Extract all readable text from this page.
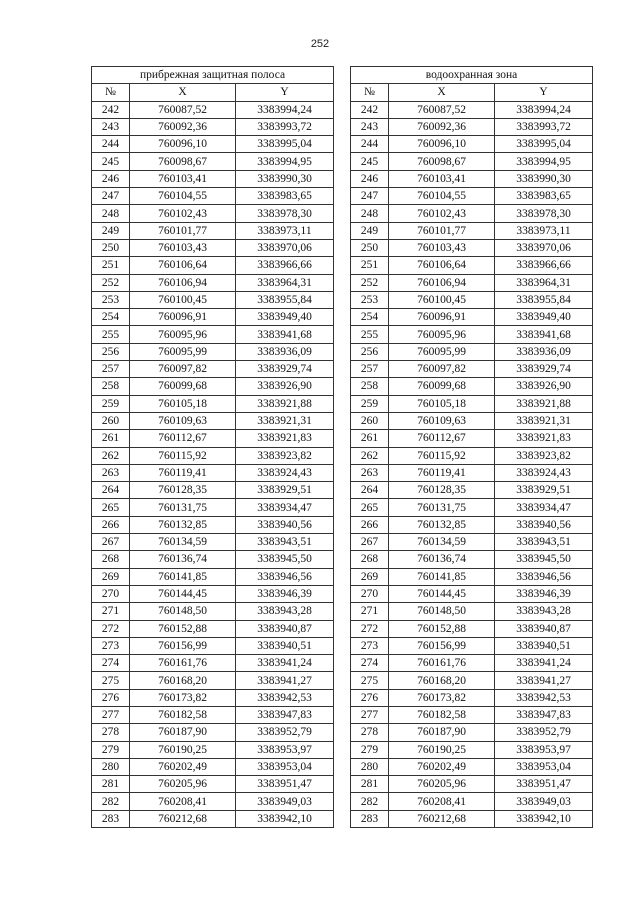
252
прибрежная защитная полоса				водоохранная зона		
№	X	Y		№	X	Y
242	760087,52	3383994,24		242	760087,52	3383994,24
243	760092,36	3383993,72		243	760092,36	3383993,72
244	760096,10	3383995,04		244	760096,10	3383995,04
245	760098,67	3383994,95		245	760098,67	3383994,95
246	760103,41	3383990,30		246	760103,41	3383990,30
247	760104,55	3383983,65		247	760104,55	3383983,65
248	760102,43	3383978,30		248	760102,43	3383978,30
249	760101,77	3383973,11		249	760101,77	3383973,11
250	760103,43	3383970,06		250	760103,43	3383970,06
251	760106,64	3383966,66		251	760106,64	3383966,66
252	760106,94	3383964,31		252	760106,94	3383964,31
253	760100,45	3383955,84		253	760100,45	3383955,84
254	760096,91	3383949,40		254	760096,91	3383949,40
255	760095,96	3383941,68		255	760095,96	3383941,68
256	760095,99	3383936,09		256	760095,99	3383936,09
257	760097,82	3383929,74		257	760097,82	3383929,74
258	760099,68	3383926,90		258	760099,68	3383926,90
259	760105,18	3383921,88		259	760105,18	3383921,88
260	760109,63	3383921,31		260	760109,63	3383921,31
261	760112,67	3383921,83		261	760112,67	3383921,83
262	760115,92	3383923,82		262	760115,92	3383923,82
263	760119,41	3383924,43		263	760119,41	3383924,43
264	760128,35	3383929,51		264	760128,35	3383929,51
265	760131,75	3383934,47		265	760131,75	3383934,47
266	760132,85	3383940,56		266	760132,85	3383940,56
267	760134,59	3383943,51		267	760134,59	3383943,51
268	760136,74	3383945,50		268	760136,74	3383945,50
269	760141,85	3383946,56		269	760141,85	3383946,56
270	760144,45	3383946,39		270	760144,45	3383946,39
271	760148,50	3383943,28		271	760148,50	3383943,28
272	760152,88	3383940,87		272	760152,88	3383940,87
273	760156,99	3383940,51		273	760156,99	3383940,51
274	760161,76	3383941,24		274	760161,76	3383941,24
275	760168,20	3383941,27		275	760168,20	3383941,27
276	760173,82	3383942,53		276	760173,82	3383942,53
277	760182,58	3383947,83		277	760182,58	3383947,83
278	760187,90	3383952,79		278	760187,90	3383952,79
279	760190,25	3383953,97		279	760190,25	3383953,97
280	760202,49	3383953,04		280	760202,49	3383953,04
281	760205,96	3383951,47		281	760205,96	3383951,47
282	760208,41	3383949,03		282	760208,41	3383949,03
283	760212,68	3383942,10		283	760212,68	3383942,10
